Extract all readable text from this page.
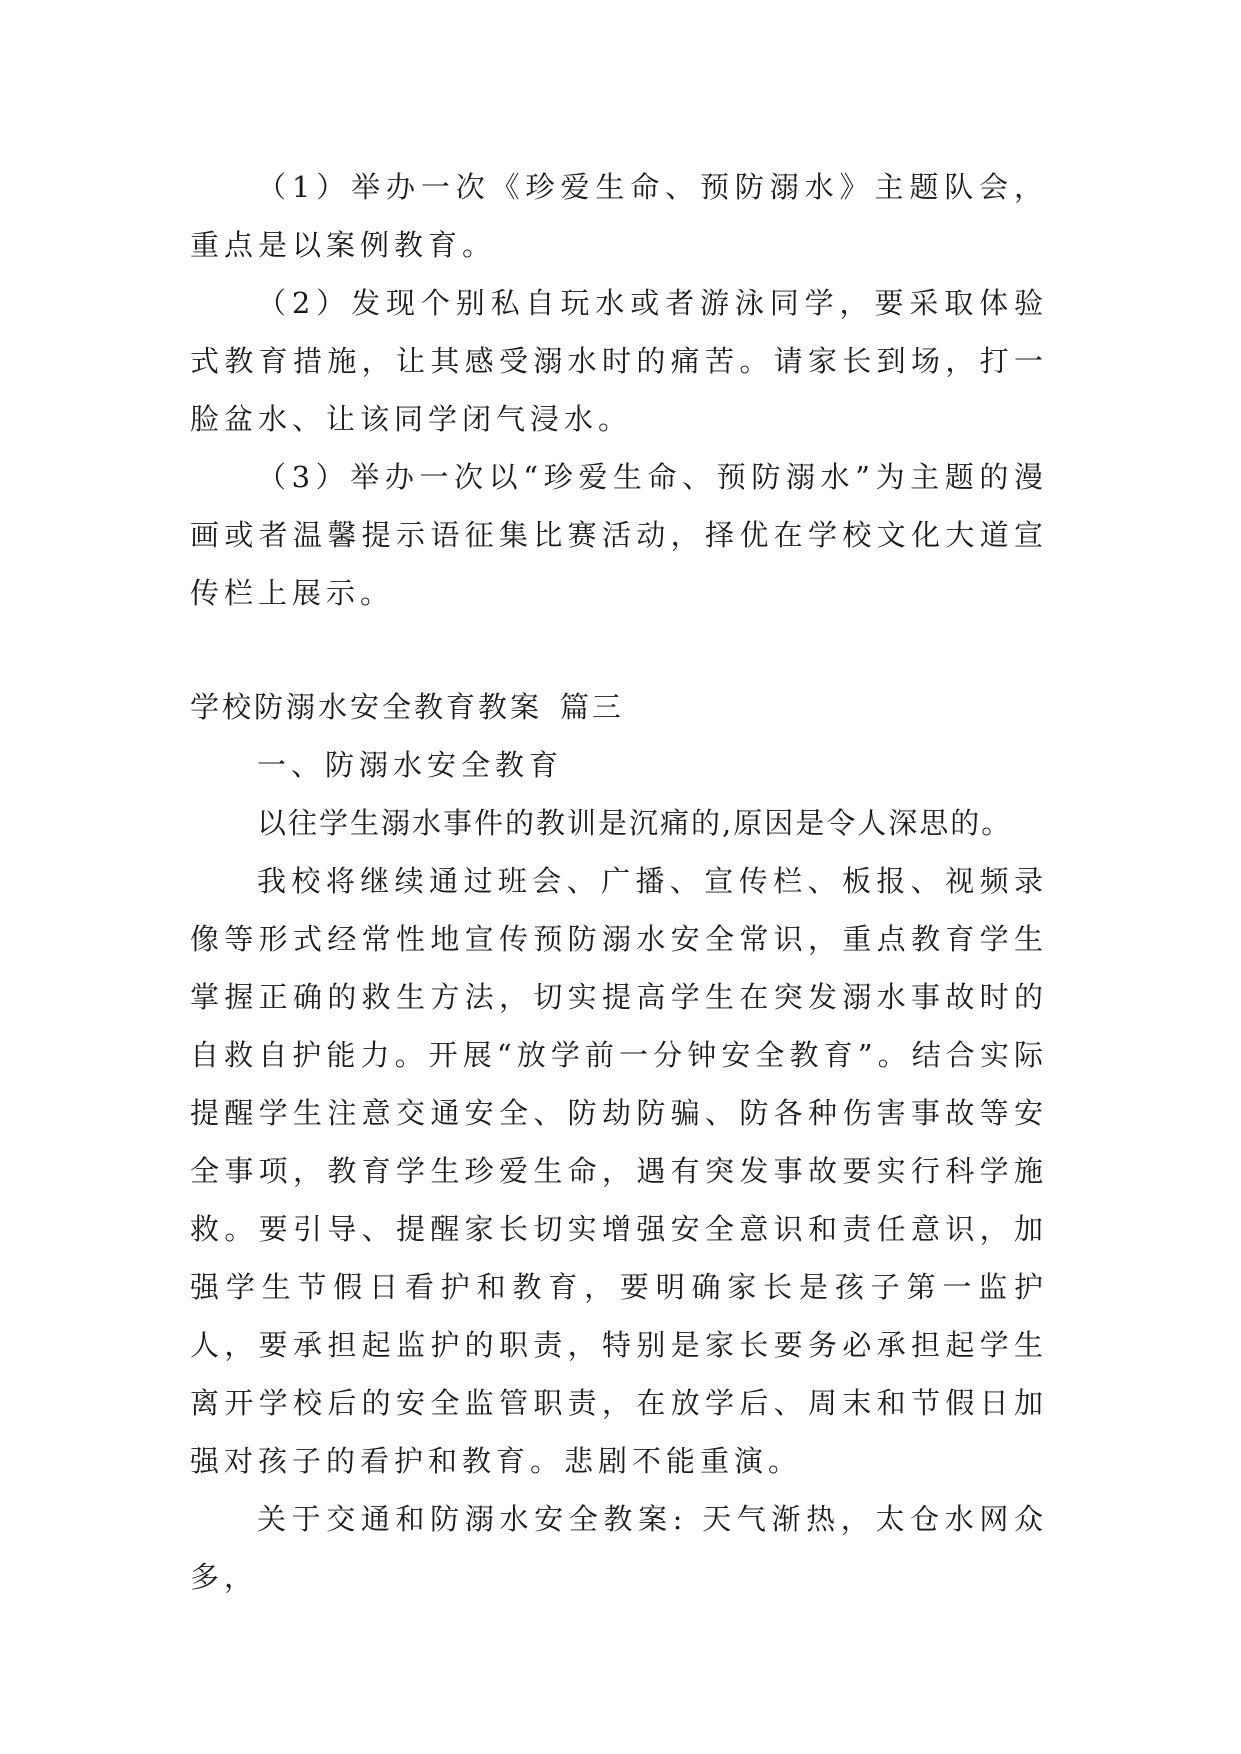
（1）举办一次《珍爱生命、预防溺水》主题队会，重点是以案例教育。

（2）发现个别私自玩水或者游泳同学，要采取体验式教育措施，让其感受溺水时的痛苦。请家长到场，打一脸盆水、让该同学闭气浸水。

（3）举办一次以“珍爱生命、预防溺水”为主题的漫画或者温馨提示语征集比赛活动，择优在学校文化大道宣传栏上展示。

学校防溺水安全教育教案 篇三

一、防溺水安全教育

以往学生溺水事件的教训是沉痛的,原因是令人深思的。

我校将继续通过班会、广播、宣传栏、板报、视频录像等形式经常性地宣传预防溺水安全常识，重点教育学生掌握正确的救生方法，切实提高学生在突发溺水事故时的自救自护能力。开展“放学前一分钟安全教育”。结合实际提醒学生注意交通安全、防劫防骗、防各种伤害事故等安全事项，教育学生珍爱生命，遇有突发事故要实行科学施救。要引导、提醒家长切实增强安全意识和责任意识，加强学生节假日看护和教育，要明确家长是孩子第一监护人，要承担起监护的职责，特别是家长要务必承担起学生离开学校后的安全监管职责，在放学后、周末和节假日加强对孩子的看护和教育。悲剧不能重演。

关于交通和防溺水安全教案: 天气渐热，太仓水网众多，
